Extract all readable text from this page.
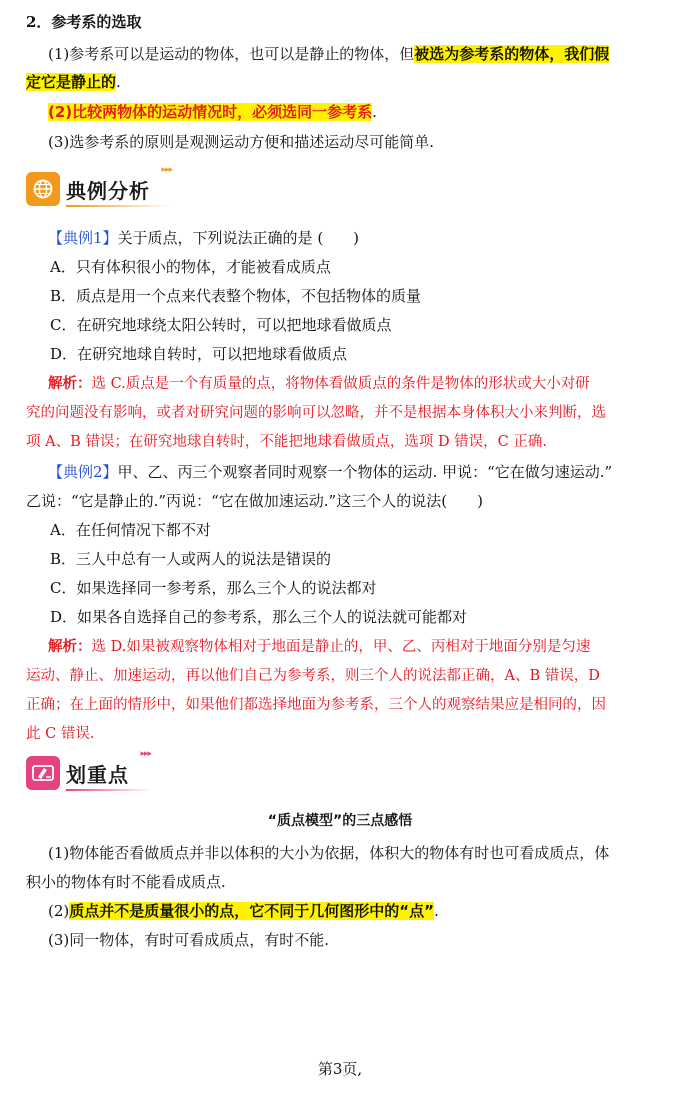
2．参考系的选取
(1)参考系可以是运动的物体，也可以是静止的物体，但被选为参考系的物体，我们假
定它是静止的.
(2)比较两物体的运动情况时，必须选同一参考系.
(3)选参考系的原则是观测运动方便和描述运动尽可能简单.
典例分析
▸▸▸
【典例1】关于质点，下列说法正确的是 (　　)
A．只有体积很小的物体，才能被看成质点
B．质点是用一个点来代表整个物体，不包括物体的质量
C．在研究地球绕太阳公转时，可以把地球看做质点
D．在研究地球自转时，可以把地球看做质点
解析：选 C.质点是一个有质量的点，将物体看做质点的条件是物体的形状或大小对研
究的问题没有影响，或者对研究问题的影响可以忽略，并不是根据本身体积大小来判断，选
项 A、B 错误；在研究地球自转时，不能把地球看做质点，选项 D 错误，C 正确.
【典例2】甲、乙、丙三个观察者同时观察一个物体的运动. 甲说：“它在做匀速运动.”
乙说：“它是静止的.”丙说：“它在做加速运动.”这三个人的说法(　　)
A．在任何情况下都不对
B．三人中总有一人或两人的说法是错误的
C．如果选择同一参考系，那么三个人的说法都对
D．如果各自选择自己的参考系，那么三个人的说法就可能都对
解析：选 D.如果被观察物体相对于地面是静止的，甲、乙、丙相对于地面分别是匀速
运动、静止、加速运动，再以他们自己为参考系，则三个人的说法都正确，A、B 错误，D
正确；在上面的情形中，如果他们都选择地面为参考系，三个人的观察结果应是相同的，因
此 C 错误.
划重点
▸▸▸
“质点模型”的三点感悟
(1)物体能否看做质点并非以体积的大小为依据，体积大的物体有时也可看成质点，体
积小的物体有时不能看成质点.
(2)质点并不是质量很小的点，它不同于几何图形中的“点”.
(3)同一物体，有时可看成质点，有时不能.
第3页,
